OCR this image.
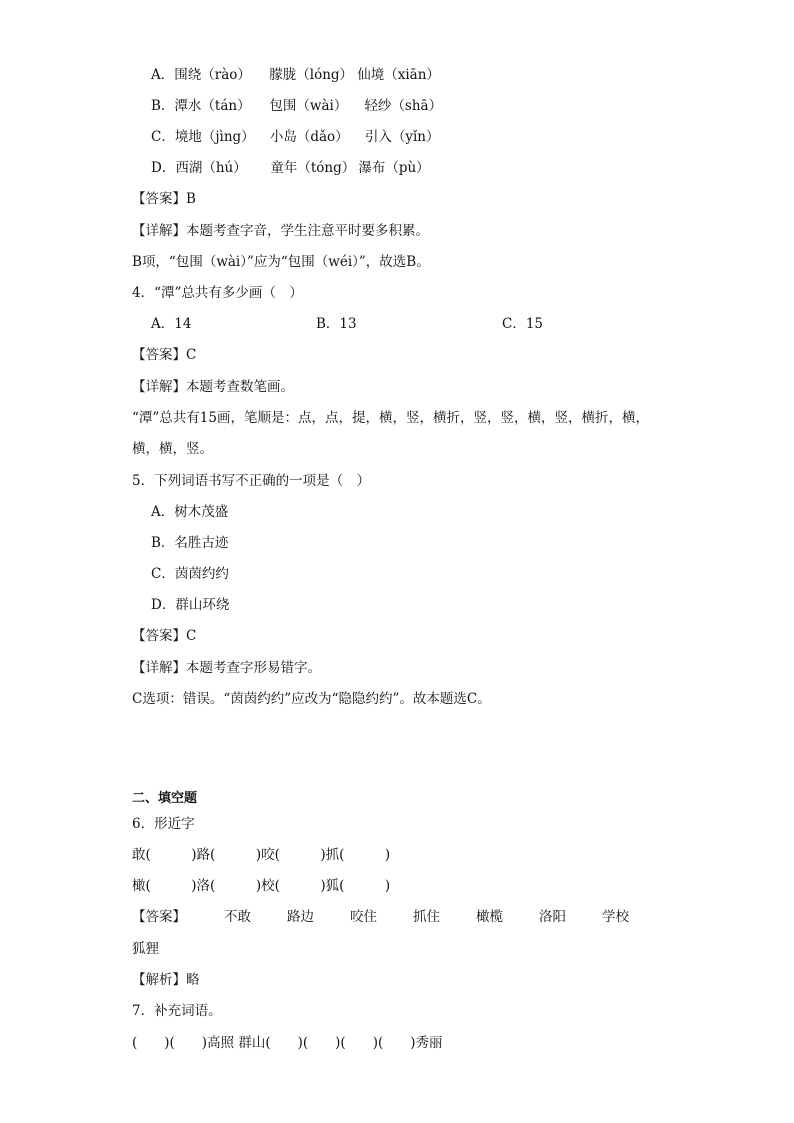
A．围绕（rào） 朦胧（lóng） 仙境（xiān）
B．潭水（tán） 包围（wài） 轻纱（shā）
C．境地（jìng） 小岛（dǎo） 引入（yǐn）
D．西湖（hú） 童年（tóng） 瀑布（pù）
【答案】B
【详解】本题考查字音，学生注意平时要多积累。
B项，“包围（wài）”应为“包围（wéi）”，故选B。
4．“潭”总共有多少画（　）
A．14	B．13	C．15
【答案】C
【详解】本题考查数笔画。
“潭”总共有15画，笔顺是：点，点，提，横，竖，横折，竖，竖，横，竖，横折，横，
横，横，竖。
5．下列词语书写不正确的一项是（　）
A．树木茂盛
B．名胜古迹
C．茵茵约约
D．群山环绕
【答案】C
【详解】本题考查字形易错字。
C选项：错误。“茵茵约约”应改为“隐隐约约”。故本题选C。
二、填空题
6．形近字
敢(　　　)路(　　　)咬(　　　)抓(　　　)
橄(　　　)洛(　　　)校(　　　)狐(　　　)
【答案】	不敢	路边	咬住	抓住	橄榄	洛阳	学校
狐狸
【解析】略
7．补充词语。
(　　)(　　)高照 群山(　　)(　　)(　　)(　　)秀丽
